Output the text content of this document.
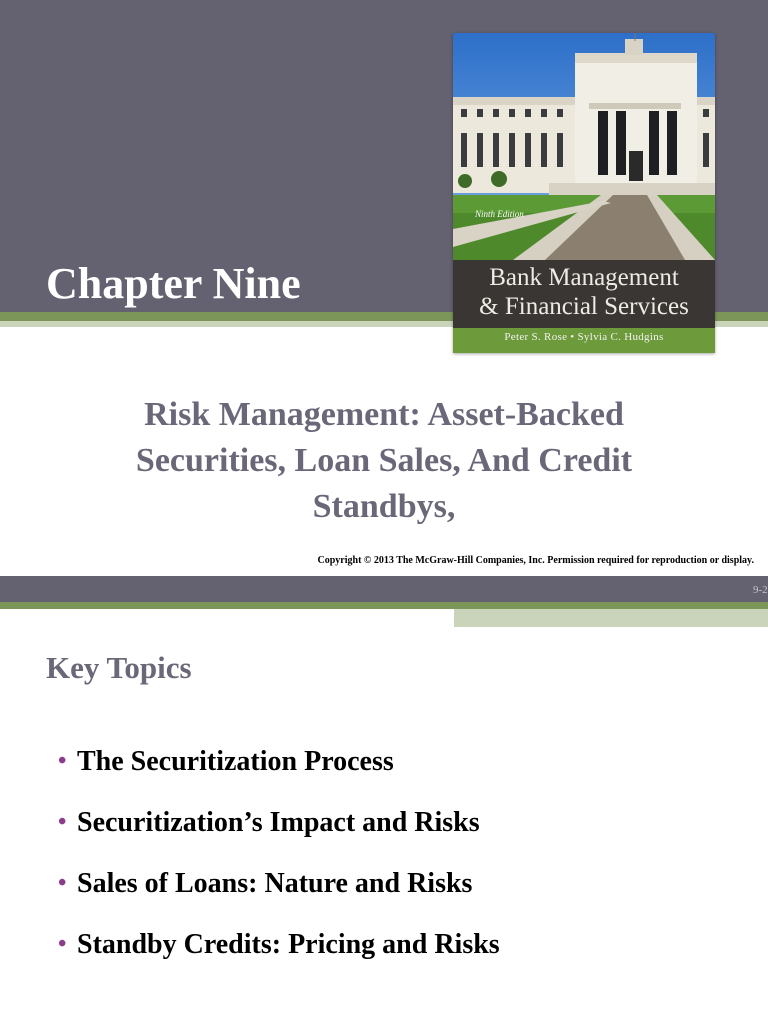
Chapter Nine
Ninth Edition
Bank Management
& Financial Services
Peter S. Rose • Sylvia C. Hudgins

Risk Management: Asset-Backed Securities, Loan Sales, And Credit Standbys,

Copyright © 2013 The McGraw-Hill Companies, Inc. Permission required for reproduction or display.
9-2
Key Topics
• The Securitization Process
• Securitization’s Impact and Risks
• Sales of Loans: Nature and Risks
• Standby Credits: Pricing and Risks
